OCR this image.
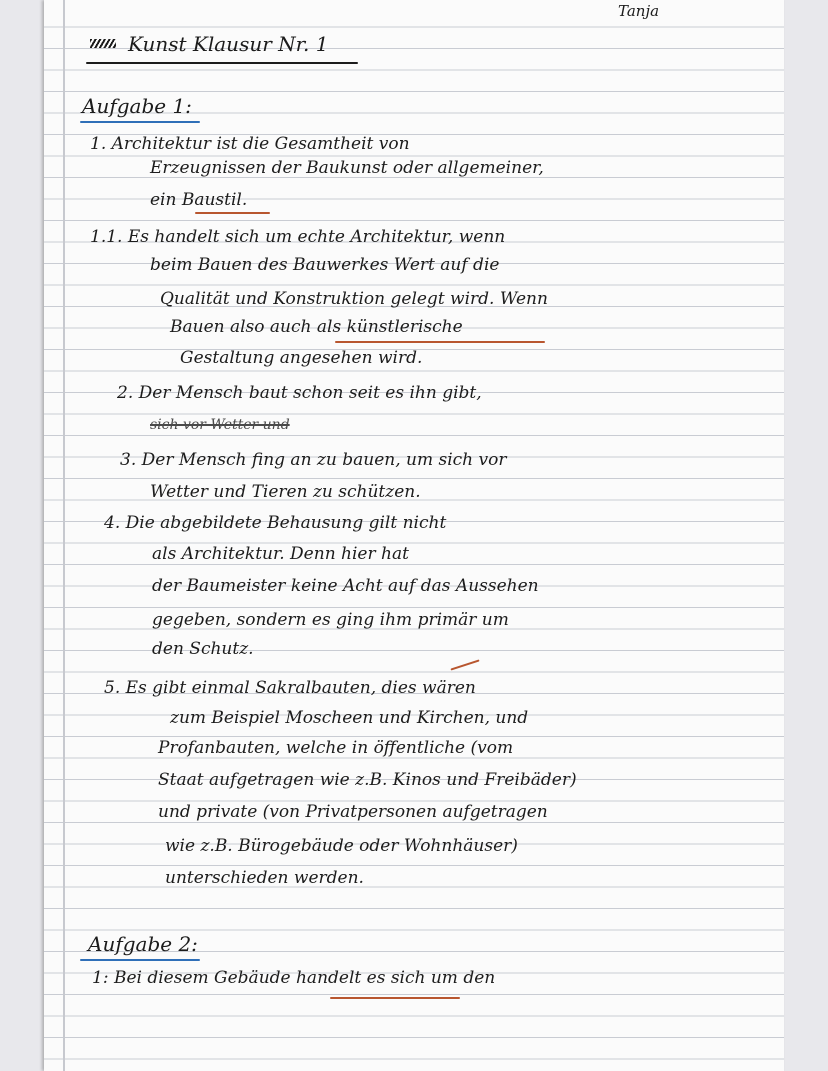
Tanja
Kunst Klausur Nr. 1
Aufgabe 1:
1. Architektur ist die Gesamtheit von
Erzeugnissen der Baukunst oder allgemeiner,
ein Baustil.
1.1. Es handelt sich um echte Architektur, wenn
beim Bauen des Bauwerkes Wert auf die
Qualität und Konstruktion gelegt wird. Wenn
Bauen also auch als künstlerische
Gestaltung angesehen wird.
2. Der Mensch baut schon seit es ihn gibt,
sich vor Wetter und
3. Der Mensch fing an zu bauen, um sich vor
Wetter und Tieren zu schützen.
4. Die abgebildete Behausung gilt nicht
als Architektur. Denn hier hat
der Baumeister keine Acht auf das Aussehen
gegeben, sondern es ging ihm primär um
den Schutz.
5. Es gibt einmal Sakralbauten, dies wären
zum Beispiel Moscheen und Kirchen, und
Profanbauten, welche in öffentliche (vom
Staat aufgetragen wie z.B. Kinos und Freibäder)
und private (von Privatpersonen aufgetragen
wie z.B. Bürogebäude oder Wohnhäuser)
unterschieden werden.
Aufgabe 2:
1: Bei diesem Gebäude handelt es sich um den
